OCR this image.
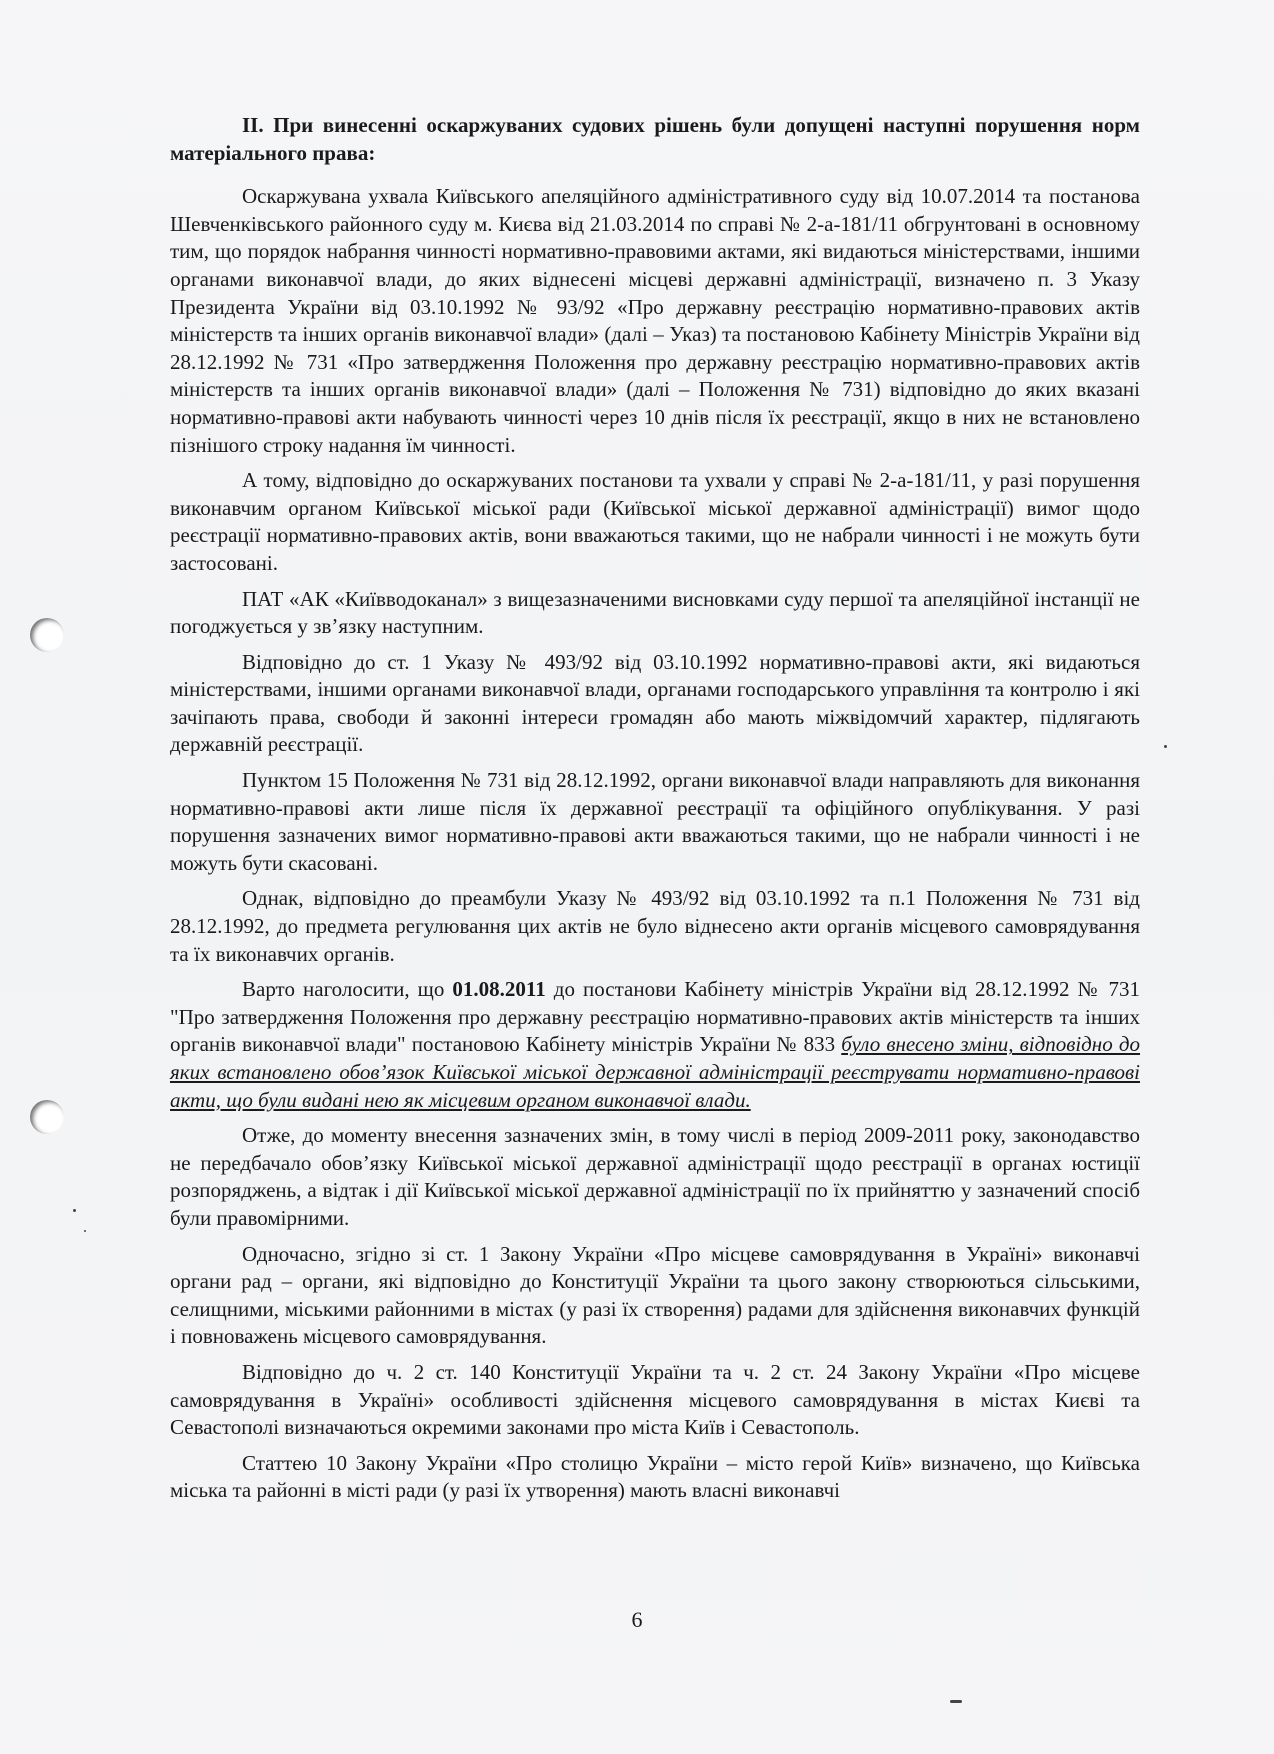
ІІ. При винесенні оскаржуваних судових рішень були допущені наступні порушення норм матеріального права:

Оскаржувана ухвала Київського апеляційного адміністративного суду від 10.07.2014 та постанова Шевченківського районного суду м. Києва від 21.03.2014 по справі № 2-а-181/11 обгрунтовані в основному тим, що порядок набрання чинності нормативно-правовими актами, які видаються міністерствами, іншими органами виконавчої влади, до яких віднесені місцеві державні адміністрації, визначено п. 3 Указу Президента України від 03.10.1992 № 93/92 «Про державну реєстрацію нормативно-правових актів міністерств та інших органів виконавчої влади» (далі – Указ) та постановою Кабінету Міністрів України від 28.12.1992 № 731 «Про затвердження Положення про державну реєстрацію нормативно-правових актів міністерств та інших органів виконавчої влади» (далі – Положення № 731) відповідно до яких вказані нормативно-правові акти набувають чинності через 10 днів після їх реєстрації, якщо в них не встановлено пізнішого строку надання їм чинності.

А тому, відповідно до оскаржуваних постанови та ухвали у справі № 2-а-181/11, у разі порушення виконавчим органом Київської міської ради (Київської міської державної адміністрації) вимог щодо реєстрації нормативно-правових актів, вони вважаються такими, що не набрали чинності і не можуть бути застосовані.

ПАТ «АК «Київводоканал» з вищезазначеними висновками суду першої та апеляційної інстанції не погоджується у зв’язку наступним.

Відповідно до ст. 1 Указу № 493/92 від 03.10.1992 нормативно-правові акти, які видаються міністерствами, іншими органами виконавчої влади, органами господарського управління та контролю і які зачіпають права, свободи й законні інтереси громадян або мають міжвідомчий характер, підлягають державній реєстрації.

Пунктом 15 Положення № 731 від 28.12.1992, органи виконавчої влади направляють для виконання нормативно-правові акти лише після їх державної реєстрації та офіційного опублікування. У разі порушення зазначених вимог нормативно-правові акти вважаються такими, що не набрали чинності і не можуть бути скасовані.

Однак, відповідно до преамбули Указу № 493/92 від 03.10.1992 та п.1 Положення № 731 від 28.12.1992, до предмета регулювання цих актів не було віднесено акти органів місцевого самоврядування та їх виконавчих органів.

Варто наголосити, що 01.08.2011 до постанови Кабінету міністрів України від 28.12.1992 № 731 "Про затвердження Положення про державну реєстрацію нормативно-правових актів міністерств та інших органів виконавчої влади" постановою Кабінету міністрів України № 833 було внесено зміни, відповідно до яких встановлено обов’язок Київської міської державної адміністрації реєструвати нормативно-правові акти, що були видані нею як місцевим органом виконавчої влади.

Отже, до моменту внесення зазначених змін, в тому числі в період 2009-2011 року, законодавство не передбачало обов’язку Київської міської державної адміністрації щодо реєстрації в органах юстиції розпоряджень, а відтак і дії Київської міської державної адміністрації по їх прийняттю у зазначений спосіб були правомірними.

Одночасно, згідно зі ст. 1 Закону України «Про місцеве самоврядування в Україні» виконавчі органи рад – органи, які відповідно до Конституції України та цього закону створюються сільськими, селищними, міськими районними в містах (у разі їх створення) радами для здійснення виконавчих функцій і повноважень місцевого самоврядування.

Відповідно до ч. 2 ст. 140 Конституції України та ч. 2 ст. 24 Закону України «Про місцеве самоврядування в Україні» особливості здійснення місцевого самоврядування в містах Києві та Севастополі визначаються окремими законами про міста Київ і Севастополь.

Статтею 10 Закону України «Про столицю України – місто герой Київ» визначено, що Київська міська та районні в місті ради (у разі їх утворення) мають власні виконавчі

6
